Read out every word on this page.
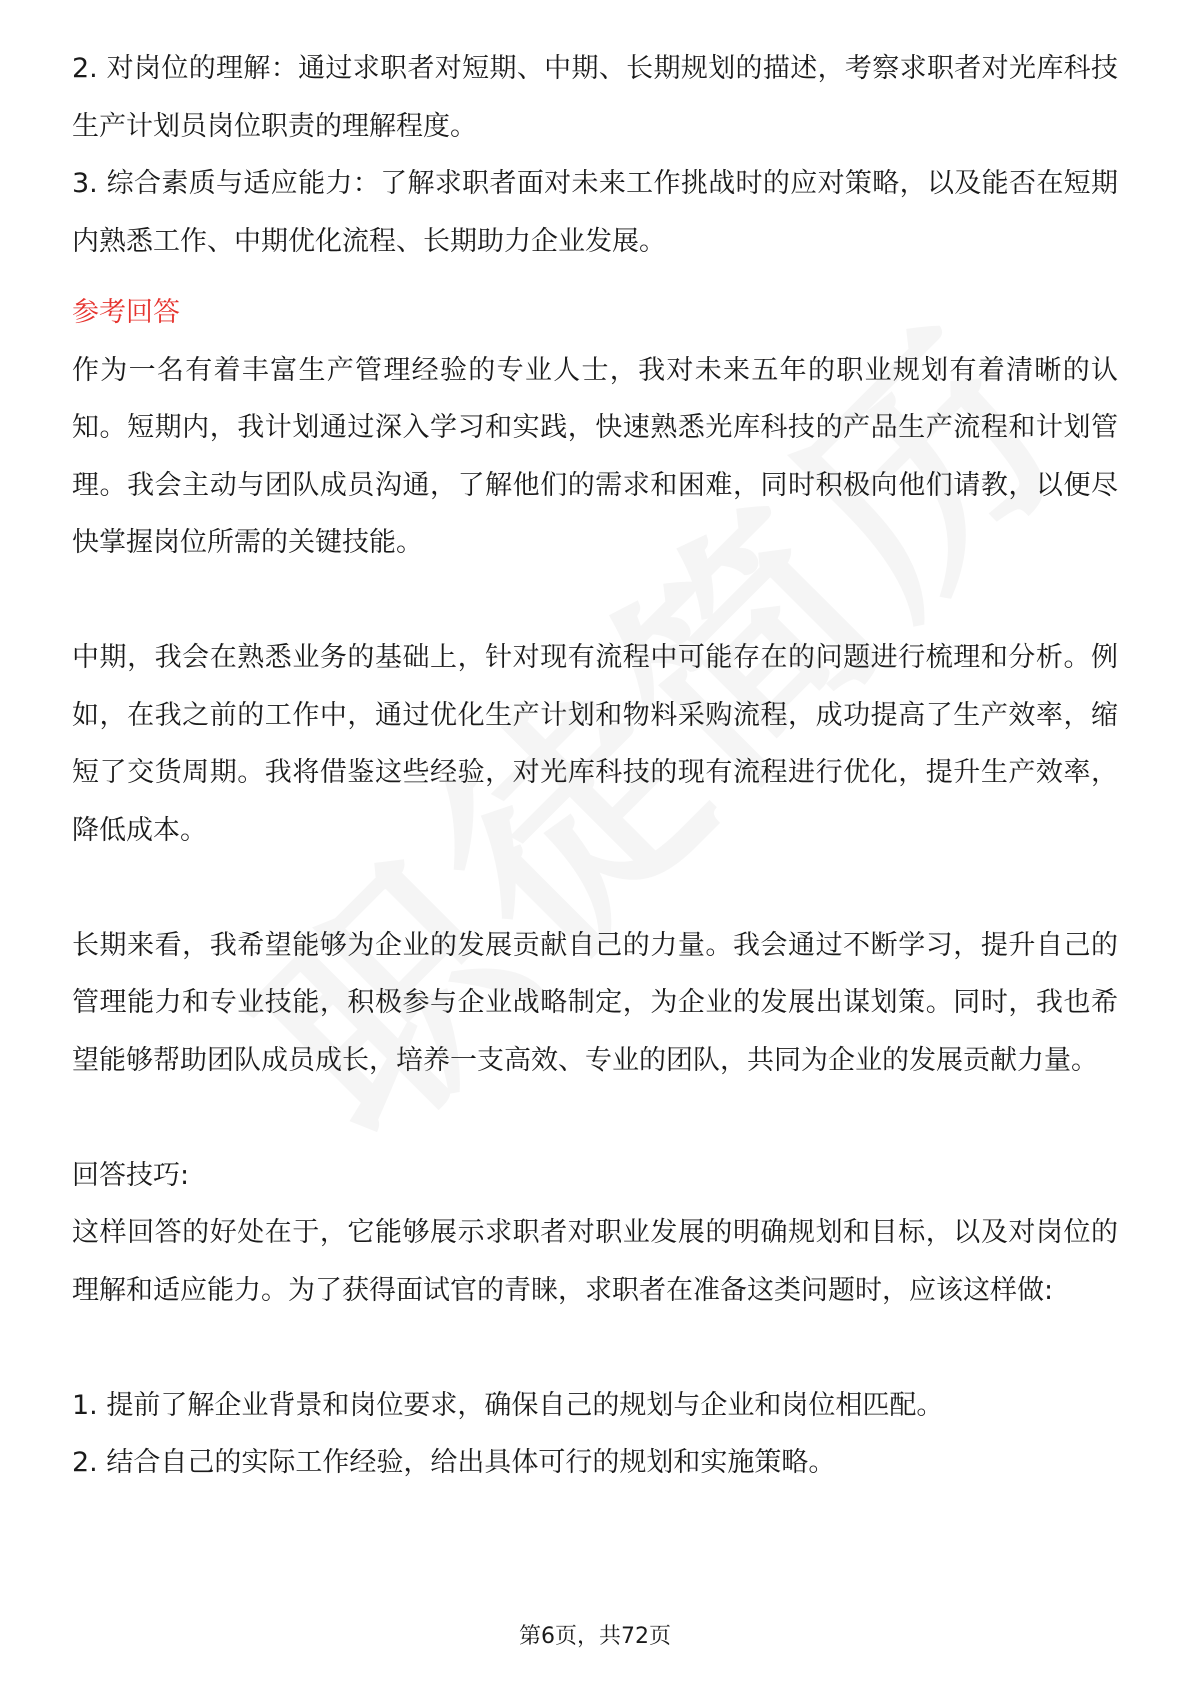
2. 对岗位的理解：通过求职者对短期、中期、长期规划的描述，考察求职者对光库科技生产计划员岗位职责的理解程度。

3. 综合素质与适应能力：了解求职者面对未来工作挑战时的应对策略，以及能否在短期内熟悉工作、中期优化流程、长期助力企业发展。

参考回答

作为一名有着丰富生产管理经验的专业人士，我对未来五年的职业规划有着清晰的认知。短期内，我计划通过深入学习和实践，快速熟悉光库科技的产品生产流程和计划管理。我会主动与团队成员沟通，了解他们的需求和困难，同时积极向他们请教，以便尽快掌握岗位所需的关键技能。

中期，我会在熟悉业务的基础上，针对现有流程中可能存在的问题进行梳理和分析。例如，在我之前的工作中，通过优化生产计划和物料采购流程，成功提高了生产效率，缩短了交货周期。我将借鉴这些经验，对光库科技的现有流程进行优化，提升生产效率，降低成本。

长期来看，我希望能够为企业的发展贡献自己的力量。我会通过不断学习，提升自己的管理能力和专业技能，积极参与企业战略制定，为企业的发展出谋划策。同时，我也希望能够帮助团队成员成长，培养一支高效、专业的团队，共同为企业的发展贡献力量。

回答技巧:

这样回答的好处在于，它能够展示求职者对职业发展的明确规划和目标，以及对岗位的理解和适应能力。为了获得面试官的青睐，求职者在准备这类问题时，应该这样做:

1. 提前了解企业背景和岗位要求，确保自己的规划与企业和岗位相匹配。

2. 结合自己的实际工作经验，给出具体可行的规划和实施策略。

第6页，共72页
